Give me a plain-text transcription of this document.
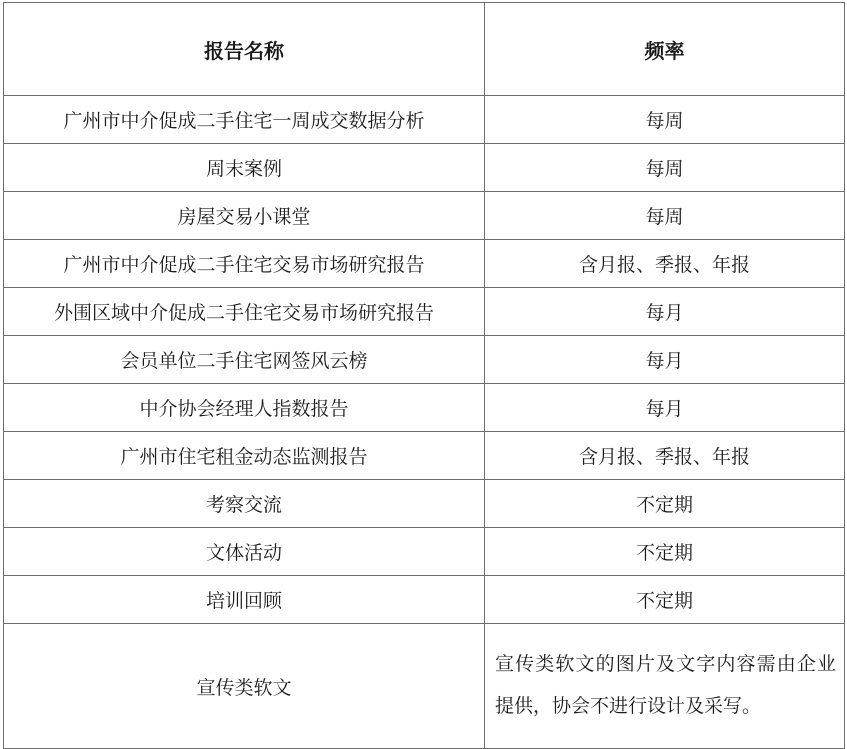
报告名称	频率
广州市中介促成二手住宅一周成交数据分析	每周
周末案例	每周
房屋交易小课堂	每周
广州市中介促成二手住宅交易市场研究报告	含月报、季报、年报
外围区域中介促成二手住宅交易市场研究报告	每月
会员单位二手住宅网签风云榜	每月
中介协会经理人指数报告	每月
广州市住宅租金动态监测报告	含月报、季报、年报
考察交流	不定期
文体活动	不定期
培训回顾	不定期
宣传类软文	宣传类软文的图片及文字内容需由企业提供，协会不进行设计及采写。
